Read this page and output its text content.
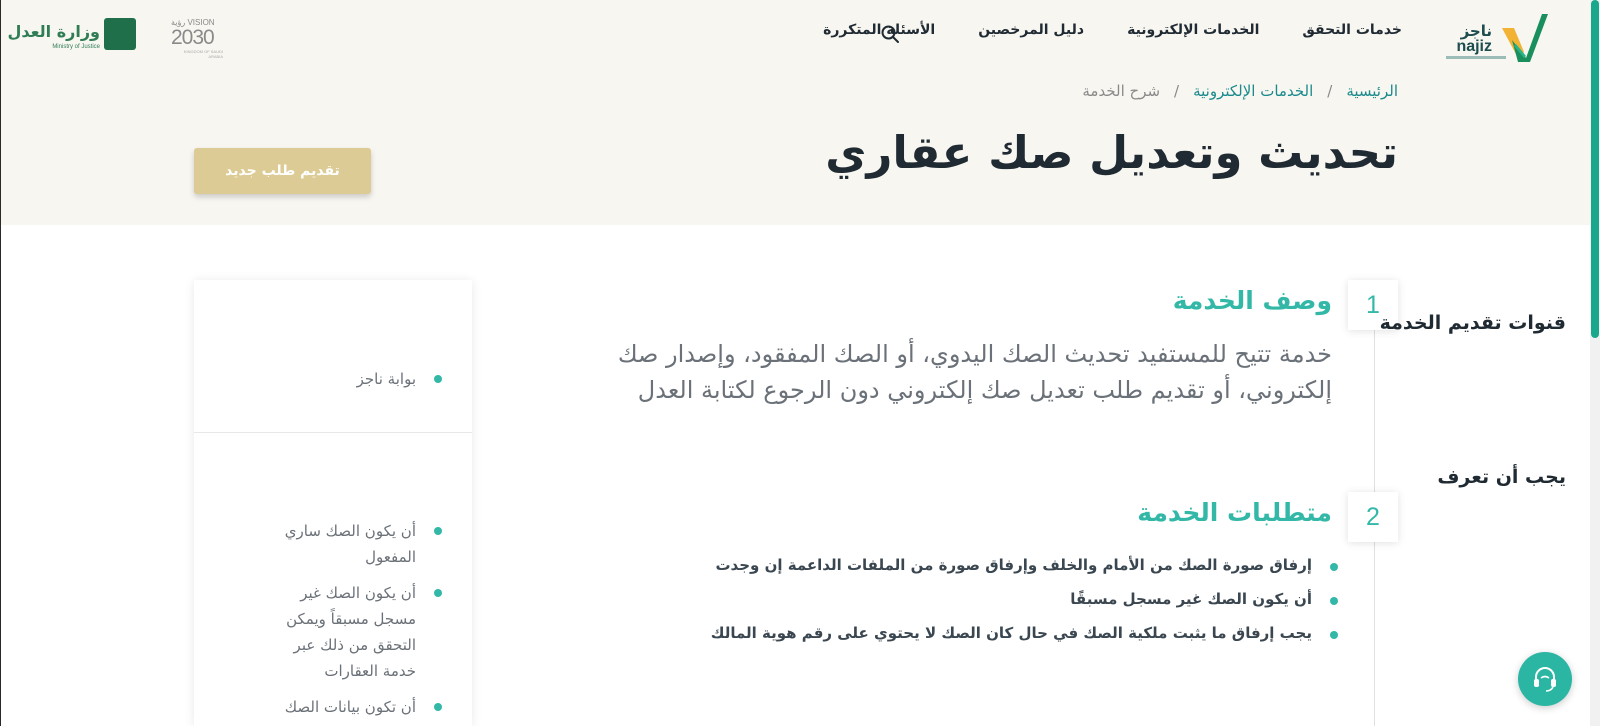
ناجز
najiz
خدمات التحقق
الخدمات الإلكترونية
دليل المرخصين
الأسئلة المتكررة
VISION رؤية
2030
KINGDOM OF SAUDI ARABIA
وزارة العدل
Ministry of Justice
الرئيسية
/
الخدمات الإلكترونية
/
شرح الخدمة
تحديث وتعديل صك عقاري
تقديم طلب جديد
1
وصف الخدمة

خدمة تتيح للمستفيد تحديث الصك اليدوي، أو الصك المفقود، وإصدار صك إلكتروني، أو تقديم طلب تعديل صك إلكتروني دون الرجوع لكتابة العدل

2
متطلبات الخدمة
إرفاق صورة الصك من الأمام والخلف وإرفاق صورة من الملفات الداعمة إن وجدت
أن يكون الصك غير مسجل مسبقًا
يجب إرفاق ما يثبت ملكية الصك في حال كان الصك لا يحتوي على رقم هوية المالك
قنوات تقديم الخدمة
بوابة ناجز
يجب أن تعرف
أن يكون الصك ساري المفعول
أن يكون الصك غير مسجل مسبقاً ويمكن التحقق من ذلك عبر خدمة العقارات
أن تكون بيانات الصك
